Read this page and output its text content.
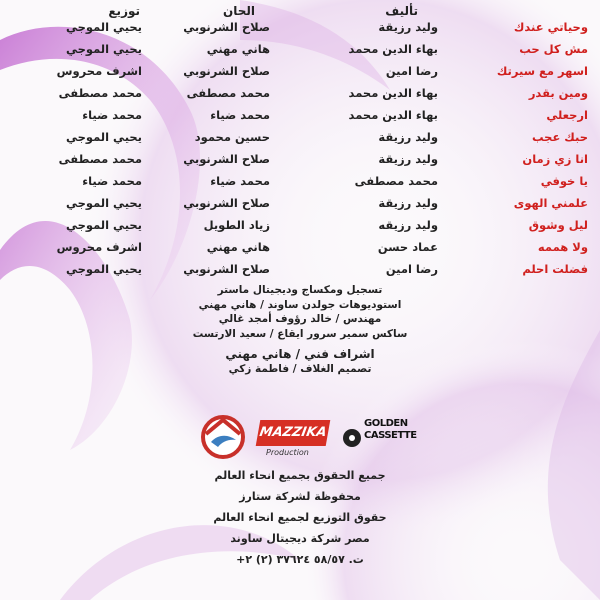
تأليف
الحان
توزيع
وحياتي عندك
وليد رزيقة
صلاح الشرنوبي
يحيي الموجي
مش كل حب
بهاء الدين محمد
هاني مهني
يحيي الموجي
اسهر مع سيرتك
رضا امين
صلاح الشرنوبي
اشرف محروس
ومين بقدر
بهاء الدين محمد
محمد مصطفى
محمد مصطفى
ارجعلي
بهاء الدين محمد
محمد ضياء
محمد ضياء
حبك عجب
وليد رزيقة
حسين محمود
يحيي الموجي
انا زي زمان
وليد رزيقة
صلاح الشرنوبي
محمد مصطفى
يا خوفي
محمد مصطفى
محمد ضياء
محمد ضياء
علمني الهوى
وليد رزيقة
صلاح الشرنوبي
يحيي الموجي
ليل وشوق
وليد رزيقه
زياد الطويل
يحيي الموجي
ولا هممه
عماد حسن
هاني مهني
اشرف محروس
فضلت احلم
رضا امين
صلاح الشرنوبي
يحيي الموجي
تسجيل ومكساج وديجيتال ماستر
استوديوهات جولدن ساوند / هاني مهني
مهندس / خالد رؤوف أمجد غالي
ساكس سمير سرور ايقاع / سعيد الارتست
اشراف فني / هاني مهني
تصميم الغلاف / فاطمة زكي
MAZZIKA
Production
GOLDEN CASSETTE
جميع الحقوق بجميع انحاء العالم
محفوظة لشركة ستارز
حقوق التوزيع لجميع انحاء العالم
مصر شركة ديجيتال ساوند
ت. ٥٨/٥٧ ٣٧٦٢٤ (٢) ٢+
